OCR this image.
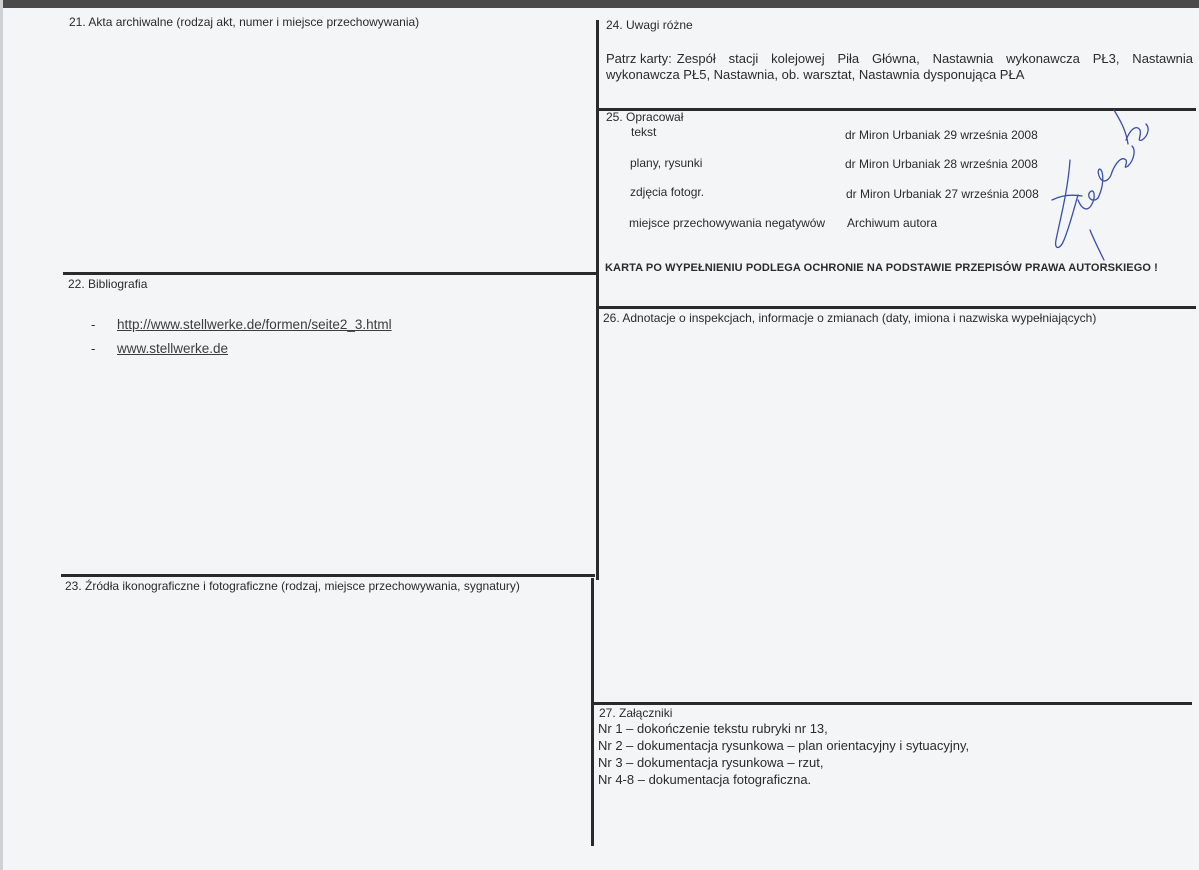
21. Akta archiwalne (rodzaj akt, numer i miejsce przechowywania)
22. Bibliografia
- http://www.stellwerke.de/formen/seite2_3.html
- www.stellwerke.de
23. Źródła ikonograficzne i fotograficzne (rodzaj, miejsce przechowywania, sygnatury)
24. Uwagi różne
Patrz karty: Zespół stacji kolejowej Piła Główna, Nastawnia wykonawcza PŁ3, Nastawnia
wykonawcza PŁ5, Nastawnia, ob. warsztat, Nastawnia dysponująca PŁA
25. Opracował
tekst	dr Miron Urbaniak 29 września 2008
plany, rysunki	dr Miron Urbaniak 28 września 2008
zdjęcia fotogr.	dr Miron Urbaniak 27 września 2008
miejsce przechowywania negatywów Archiwum autora
KARTA PO WYPEŁNIENIU PODLEGA OCHRONIE NA PODSTAWIE PRZEPISÓW PRAWA AUTORSKIEGO !
26. Adnotacje o inspekcjach, informacje o zmianach (daty, imiona i nazwiska wypełniających)
27. Załączniki
Nr 1 – dokończenie tekstu rubryki nr 13,
Nr 2 – dokumentacja rysunkowa – plan orientacyjny i sytuacyjny,
Nr 3 – dokumentacja rysunkowa – rzut,
Nr 4-8 – dokumentacja fotograficzna.
